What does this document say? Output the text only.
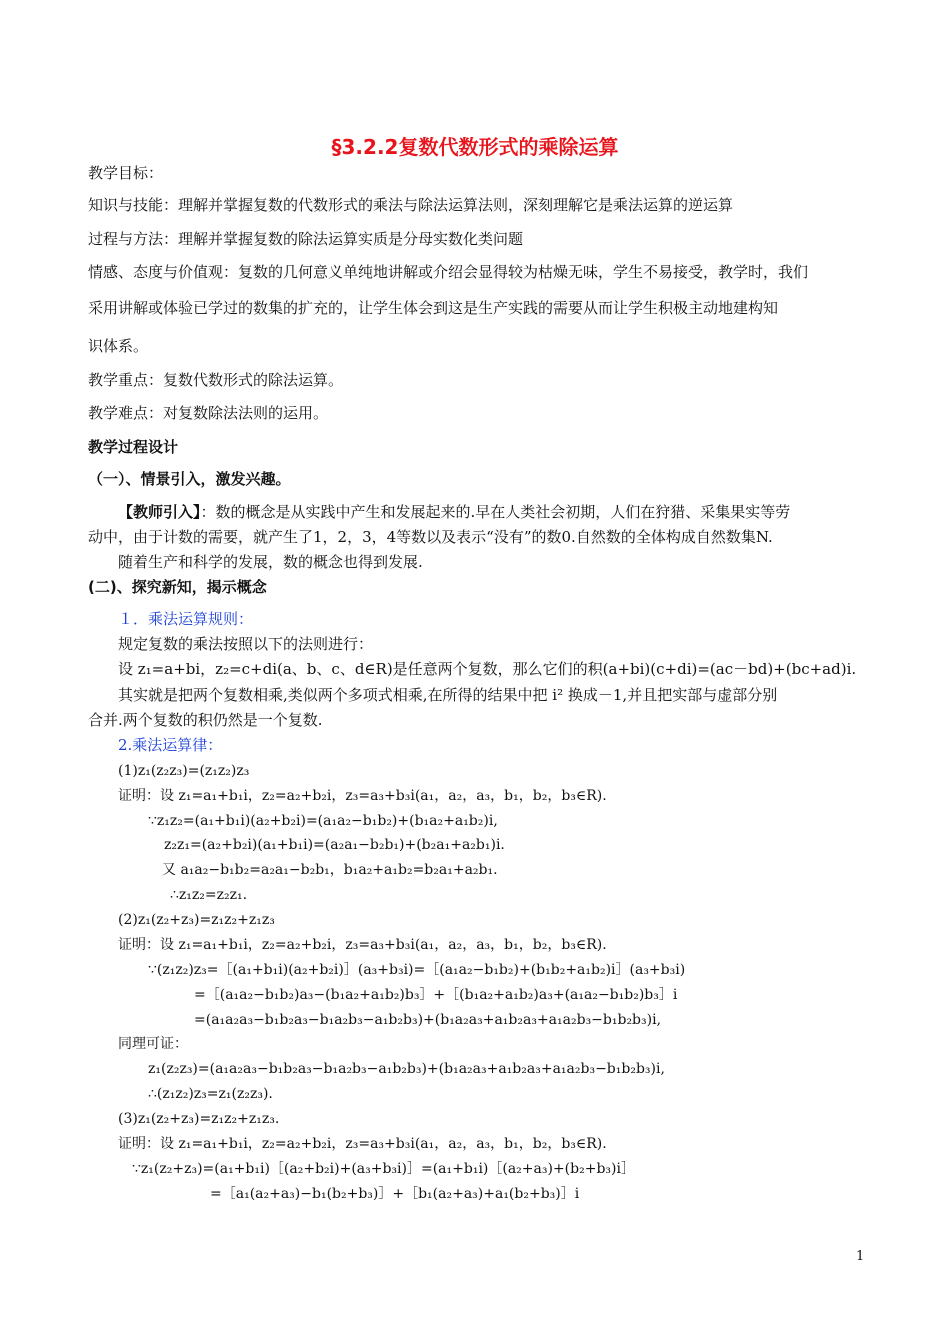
§3.2.2复数代数形式的乘除运算
教学目标：
知识与技能：理解并掌握复数的代数形式的乘法与除法运算法则，深刻理解它是乘法运算的逆运算
过程与方法：理解并掌握复数的除法运算实质是分母实数化类问题
情感、态度与价值观：复数的几何意义单纯地讲解或介绍会显得较为枯燥无味，学生不易接受，教学时，我们
采用讲解或体验已学过的数集的扩充的，让学生体会到这是生产实践的需要从而让学生积极主动地建构知
识体系。
教学重点：复数代数形式的除法运算。
教学难点：对复数除法法则的运用。
教学过程设计
（一）、情景引入，激发兴趣。
【教师引入】：数的概念是从实践中产生和发展起来的.早在人类社会初期，人们在狩猎、采集果实等劳
动中，由于计数的需要，就产生了1，2，3，4等数以及表示“没有”的数0.自然数的全体构成自然数集N.
随着生产和科学的发展，数的概念也得到发展.
(二)、探究新知，揭示概念
１．乘法运算规则：
规定复数的乘法按照以下的法则进行：
设 z₁=a+bi，z₂=c+di(a、b、c、d∈R)是任意两个复数，那么它们的积(a+bi)(c+di)=(ac－bd)+(bc+ad)i.
其实就是把两个复数相乘,类似两个多项式相乘,在所得的结果中把 i² 换成－1,并且把实部与虚部分别
合并.两个复数的积仍然是一个复数.
2.乘法运算律：
(1)z₁(z₂z₃)=(z₁z₂)z₃
证明：设 z₁=a₁+b₁i，z₂=a₂+b₂i，z₃=a₃+b₃i(a₁，a₂，a₃，b₁，b₂，b₃∈R).
∵z₁z₂=(a₁+b₁i)(a₂+b₂i)=(a₁a₂−b₁b₂)+(b₁a₂+a₁b₂)i,
z₂z₁=(a₂+b₂i)(a₁+b₁i)=(a₂a₁−b₂b₁)+(b₂a₁+a₂b₁)i.
又 a₁a₂−b₁b₂=a₂a₁−b₂b₁，b₁a₂+a₁b₂=b₂a₁+a₂b₁.
∴z₁z₂=z₂z₁.
(2)z₁(z₂+z₃)=z₁z₂+z₁z₃
证明：设 z₁=a₁+b₁i，z₂=a₂+b₂i，z₃=a₃+b₃i(a₁，a₂，a₃，b₁，b₂，b₃∈R).
∵(z₁z₂)z₃=［(a₁+b₁i)(a₂+b₂i)］(a₃+b₃i)=［(a₁a₂−b₁b₂)+(b₁b₂+a₁b₂)i］(a₃+b₃i)
=［(a₁a₂−b₁b₂)a₃−(b₁a₂+a₁b₂)b₃］+［(b₁a₂+a₁b₂)a₃+(a₁a₂−b₁b₂)b₃］i
=(a₁a₂a₃−b₁b₂a₃−b₁a₂b₃−a₁b₂b₃)+(b₁a₂a₃+a₁b₂a₃+a₁a₂b₃−b₁b₂b₃)i,
同理可证：
z₁(z₂z₃)=(a₁a₂a₃−b₁b₂a₃−b₁a₂b₃−a₁b₂b₃)+(b₁a₂a₃+a₁b₂a₃+a₁a₂b₃−b₁b₂b₃)i,
∴(z₁z₂)z₃=z₁(z₂z₃).
(3)z₁(z₂+z₃)=z₁z₂+z₁z₃.
证明：设 z₁=a₁+b₁i，z₂=a₂+b₂i，z₃=a₃+b₃i(a₁，a₂，a₃，b₁，b₂，b₃∈R).
∵z₁(z₂+z₃)=(a₁+b₁i)［(a₂+b₂i)+(a₃+b₃i)］=(a₁+b₁i)［(a₂+a₃)+(b₂+b₃)i］
=［a₁(a₂+a₃)−b₁(b₂+b₃)］+［b₁(a₂+a₃)+a₁(b₂+b₃)］i
1
